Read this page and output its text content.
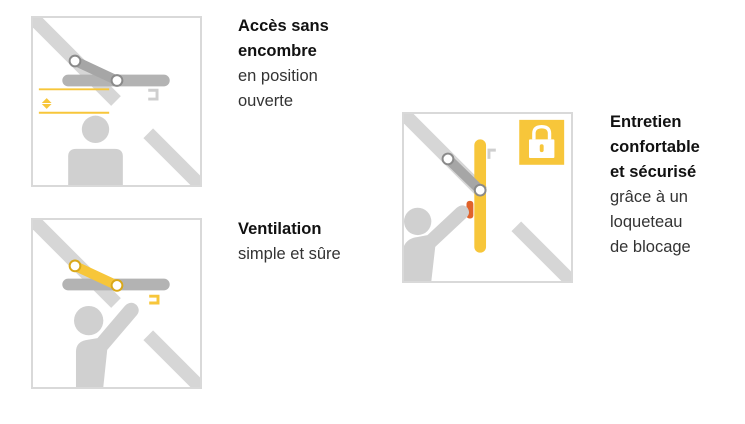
Accès sans
encombre
en position
ouverte
Ventilation
simple et sûre
Entretien
confortable
et sécurisé
grâce à un
loqueteau
de blocage
